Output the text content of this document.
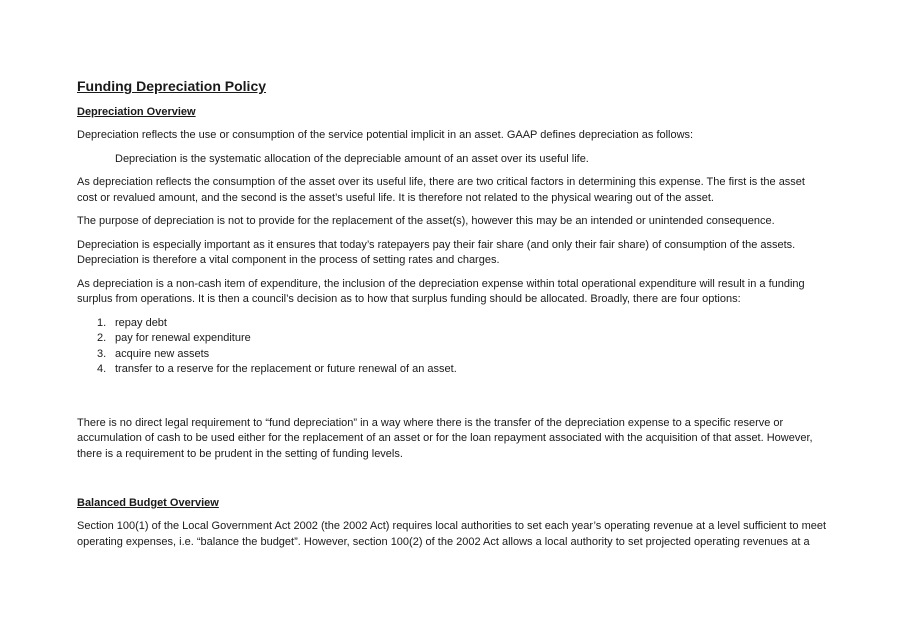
Funding Depreciation Policy
Depreciation Overview

Depreciation reflects the use or consumption of the service potential implicit in an asset. GAAP defines depreciation as follows:

Depreciation is the systematic allocation of the depreciable amount of an asset over its useful life.

As depreciation reflects the consumption of the asset over its useful life, there are two critical factors in determining this expense. The first is the asset cost or revalued amount, and the second is the asset’s useful life. It is therefore not related to the physical wearing out of the asset.

The purpose of depreciation is not to provide for the replacement of the asset(s), however this may be an intended or unintended consequence.

Depreciation is especially important as it ensures that today’s ratepayers pay their fair share (and only their fair share) of consumption of the assets. Depreciation is therefore a vital component in the process of setting rates and charges.

As depreciation is a non-cash item of expenditure, the inclusion of the depreciation expense within total operational expenditure will result in a funding surplus from operations. It is then a council’s decision as to how that surplus funding should be allocated. Broadly, there are four options:

1. repay debt
2. pay for renewal expenditure
3. acquire new assets
4. transfer to a reserve for the replacement or future renewal of an asset.

There is no direct legal requirement to “fund depreciation” in a way where there is the transfer of the depreciation expense to a specific reserve or accumulation of cash to be used either for the replacement of an asset or for the loan repayment associated with the acquisition of that asset. However, there is a requirement to be prudent in the setting of funding levels.

Balanced Budget Overview

Section 100(1) of the Local Government Act 2002 (the 2002 Act) requires local authorities to set each year’s operating revenue at a level sufficient to meet operating expenses, i.e. “balance the budget”. However, section 100(2) of the 2002 Act allows a local authority to set projected operating revenues at a
